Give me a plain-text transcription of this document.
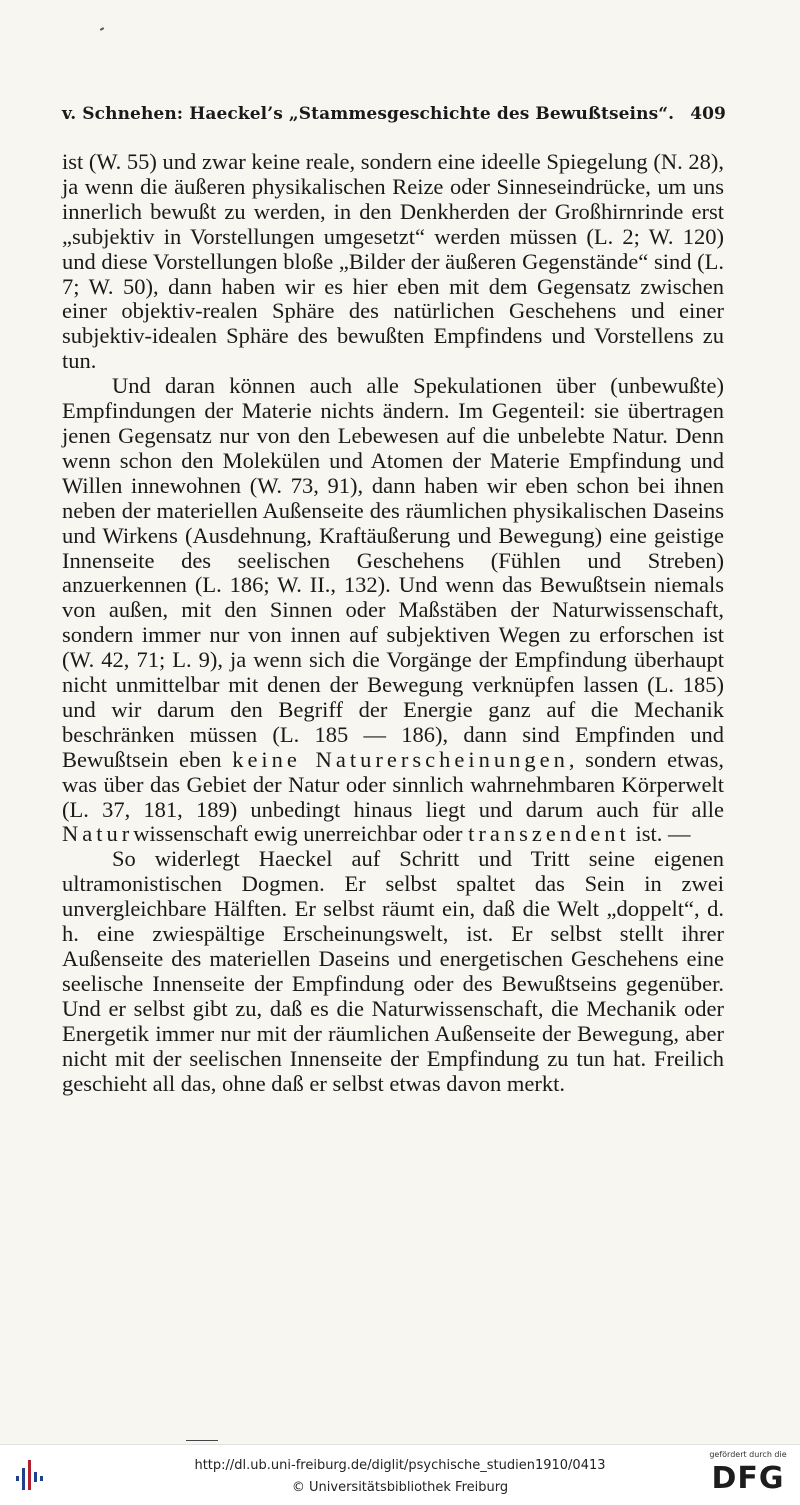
v. Schnehen: Haeckel’s „Stammesgeschichte des Bewußtseins“. 409

ist (W. 55) und zwar keine reale, sondern eine ideelle Spiegelung (N. 28), ja wenn die äußeren physikalischen Reize oder Sinneseindrücke, um uns innerlich bewußt zu werden, in den Denkherden der Großhirnrinde erst „subjektiv in Vorstellungen umgesetzt“ werden müssen (L. 2; W. 120) und diese Vorstellungen bloße „Bilder der äußeren Gegenstände“ sind (L. 7; W. 50), dann haben wir es hier eben mit dem Gegensatz zwischen einer objektiv-realen Sphäre des natürlichen Geschehens und einer subjektiv-idealen Sphäre des bewußten Empfindens und Vorstellens zu tun.

Und daran können auch alle Spekulationen über (unbewußte) Empfindungen der Materie nichts ändern. Im Gegenteil: sie übertragen jenen Gegensatz nur von den Lebewesen auf die unbelebte Natur. Denn wenn schon den Molekülen und Atomen der Materie Empfindung und Willen innewohnen (W. 73, 91), dann haben wir eben schon bei ihnen neben der materiellen Außenseite des räumlichen physikalischen Daseins und Wirkens (Ausdehnung, Kraftäußerung und Bewegung) eine geistige Innenseite des seelischen Geschehens (Fühlen und Streben) anzuerkennen (L. 186; W. II., 132). Und wenn das Bewußtsein niemals von außen, mit den Sinnen oder Maßstäben der Naturwissenschaft, sondern immer nur von innen auf subjektiven Wegen zu erforschen ist (W. 42, 71; L. 9), ja wenn sich die Vorgänge der Empfindung überhaupt nicht unmittelbar mit denen der Bewegung verknüpfen lassen (L. 185) und wir darum den Begriff der Energie ganz auf die Mechanik beschränken müssen (L. 185 — 186), dann sind Empfinden und Bewußtsein eben keine Naturerscheinungen, sondern etwas, was über das Gebiet der Natur oder sinnlich wahrnehmbaren Körperwelt (L. 37, 181, 189) unbedingt hinaus liegt und darum auch für alle Naturwissenschaft ewig unerreichbar oder transzendent ist. —

So widerlegt Haeckel auf Schritt und Tritt seine eigenen ultramonistischen Dogmen. Er selbst spaltet das Sein in zwei unvergleichbare Hälften. Er selbst räumt ein, daß die Welt „doppelt“, d. h. eine zwiespältige Erscheinungswelt, ist. Er selbst stellt ihrer Außenseite des materiellen Daseins und energetischen Geschehens eine seelische Innenseite der Empfindung oder des Bewußtseins gegenüber. Und er selbst gibt zu, daß es die Naturwissenschaft, die Mechanik oder Energetik immer nur mit der räumlichen Außenseite der Bewegung, aber nicht mit der seelischen Innenseite der Empfindung zu tun hat. Freilich geschieht all das, ohne daß er selbst etwas davon merkt.

http://dl.ub.uni-freiburg.de/diglit/psychische_studien1910/0413
© Universitätsbibliothek Freiburg
gefördert durch die
DFG
